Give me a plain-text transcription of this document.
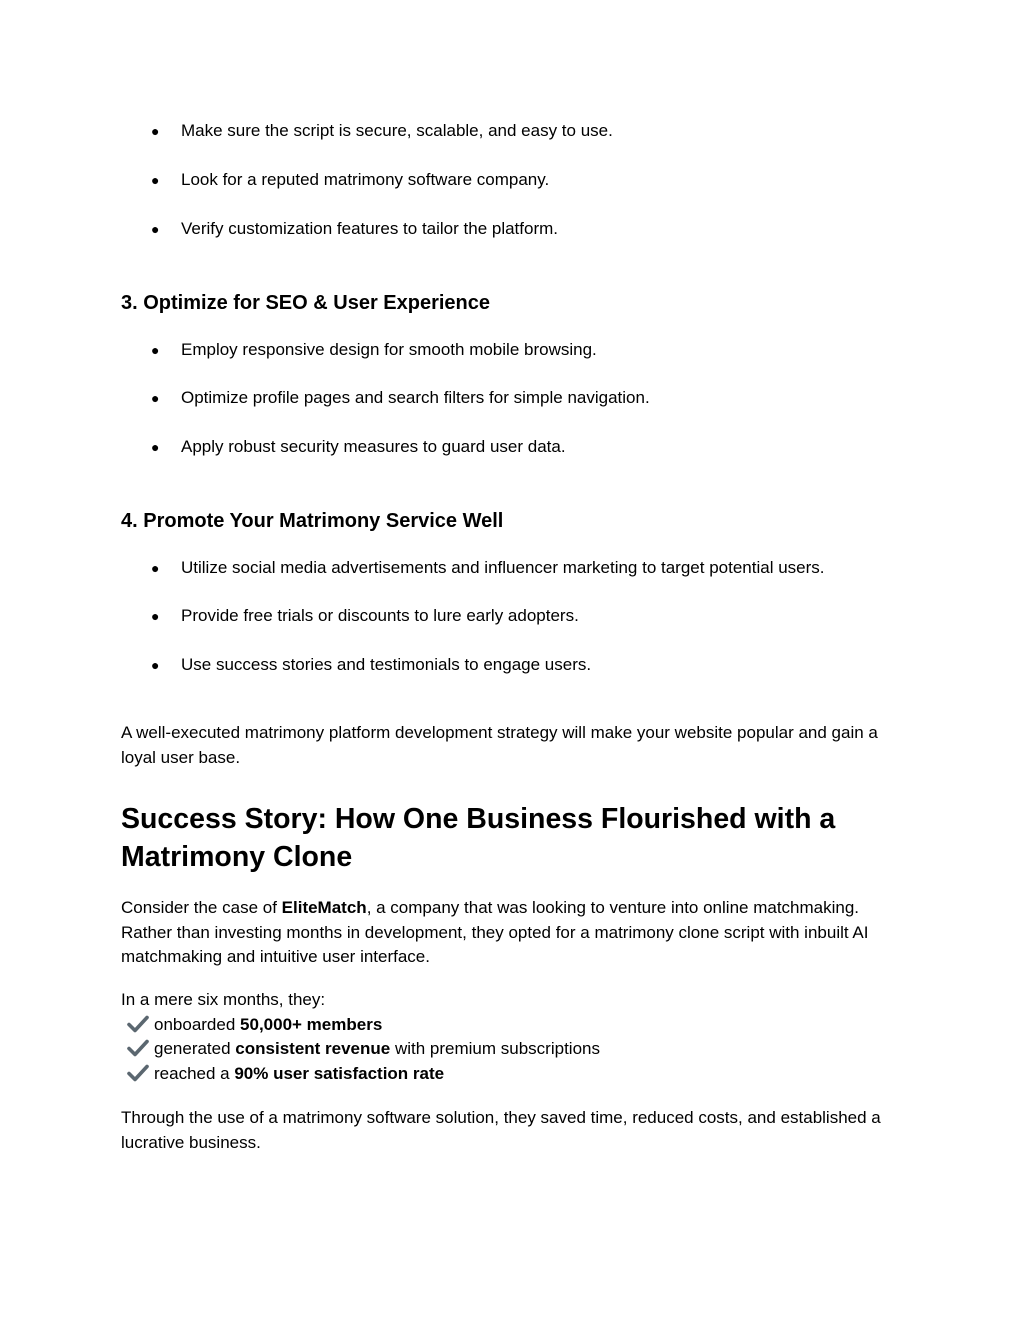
● Make sure the script is secure, scalable, and easy to use.
● Look for a reputed matrimony software company.
● Verify customization features to tailor the platform.
3. Optimize for SEO & User Experience
● Employ responsive design for smooth mobile browsing.
● Optimize profile pages and search filters for simple navigation.
● Apply robust security measures to guard user data.
4. Promote Your Matrimony Service Well
● Utilize social media advertisements and influencer marketing to target potential users.
● Provide free trials or discounts to lure early adopters.
● Use success stories and testimonials to engage users.
A well-executed matrimony platform development strategy will make your website popular and gain a loyal user base.
Success Story: How One Business Flourished with a Matrimony Clone
Consider the case of EliteMatch, a company that was looking to venture into online matchmaking. Rather than investing months in development, they opted for a matrimony clone script with inbuilt AI matchmaking and intuitive user interface.
In a mere six months, they:
onboarded 50,000+ members
generated consistent revenue with premium subscriptions
reached a 90% user satisfaction rate
Through the use of a matrimony software solution, they saved time, reduced costs, and established a lucrative business.
